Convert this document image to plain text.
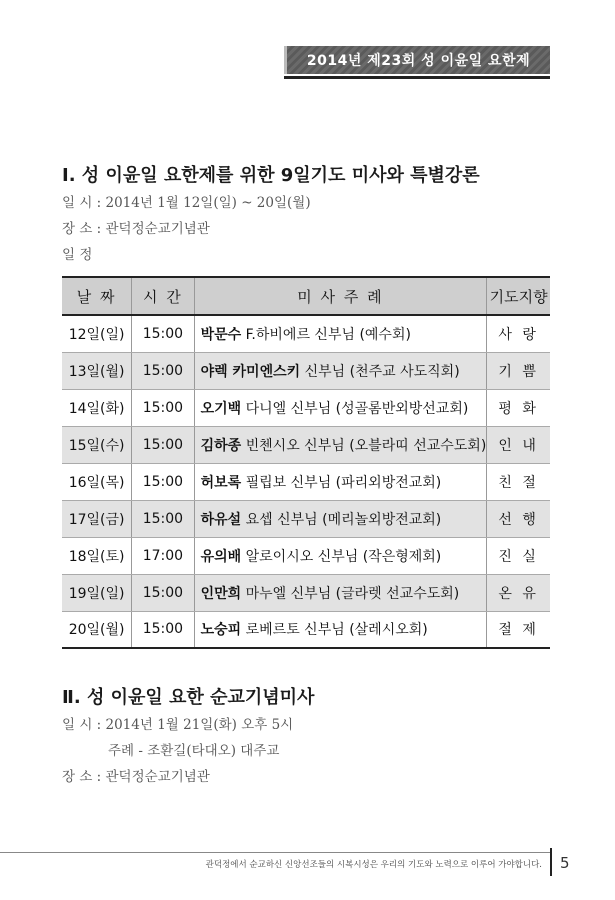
2014년 제23회 성 이윤일 요한제
Ⅰ. 성 이윤일 요한제를 위한 9일기도 미사와 특별강론
일 시 : 2014년 1월 12일(일) ~ 20일(월)
장 소 : 관덕정순교기념관
일 정
날 짜	시 간	미 사 주 례	기도지향
12일(일)	15:00	박문수 F.하비에르 신부님 (예수회)	사 랑
13일(월)	15:00	야렉 카미엔스키 신부님 (천주교 사도직회)	기 쁨
14일(화)	15:00	오기백 다니엘 신부님 (성골롬반외방선교회)	평 화
15일(수)	15:00	김하종 빈첸시오 신부님 (오블라띠 선교수도회)	인 내
16일(목)	15:00	허보록 필립보 신부님 (파리외방전교회)	친 절
17일(금)	15:00	하유설 요셉 신부님 (메리놀외방전교회)	선 행
18일(토)	17:00	유의배 알로이시오 신부님 (작은형제회)	진 실
19일(일)	15:00	인만희 마누엘 신부님 (글라렛 선교수도회)	온 유
20일(월)	15:00	노숭피 로베르토 신부님 (살레시오회)	절 제
Ⅱ. 성 이윤일 요한 순교기념미사
일 시 : 2014년 1월 21일(화) 오후 5시
주례 - 조환길(타대오) 대주교
장 소 : 관덕정순교기념관
관덕정에서 순교하신 신앙선조들의 시복시성은 우리의 기도와 노력으로 이루어 가야합니다. 5
